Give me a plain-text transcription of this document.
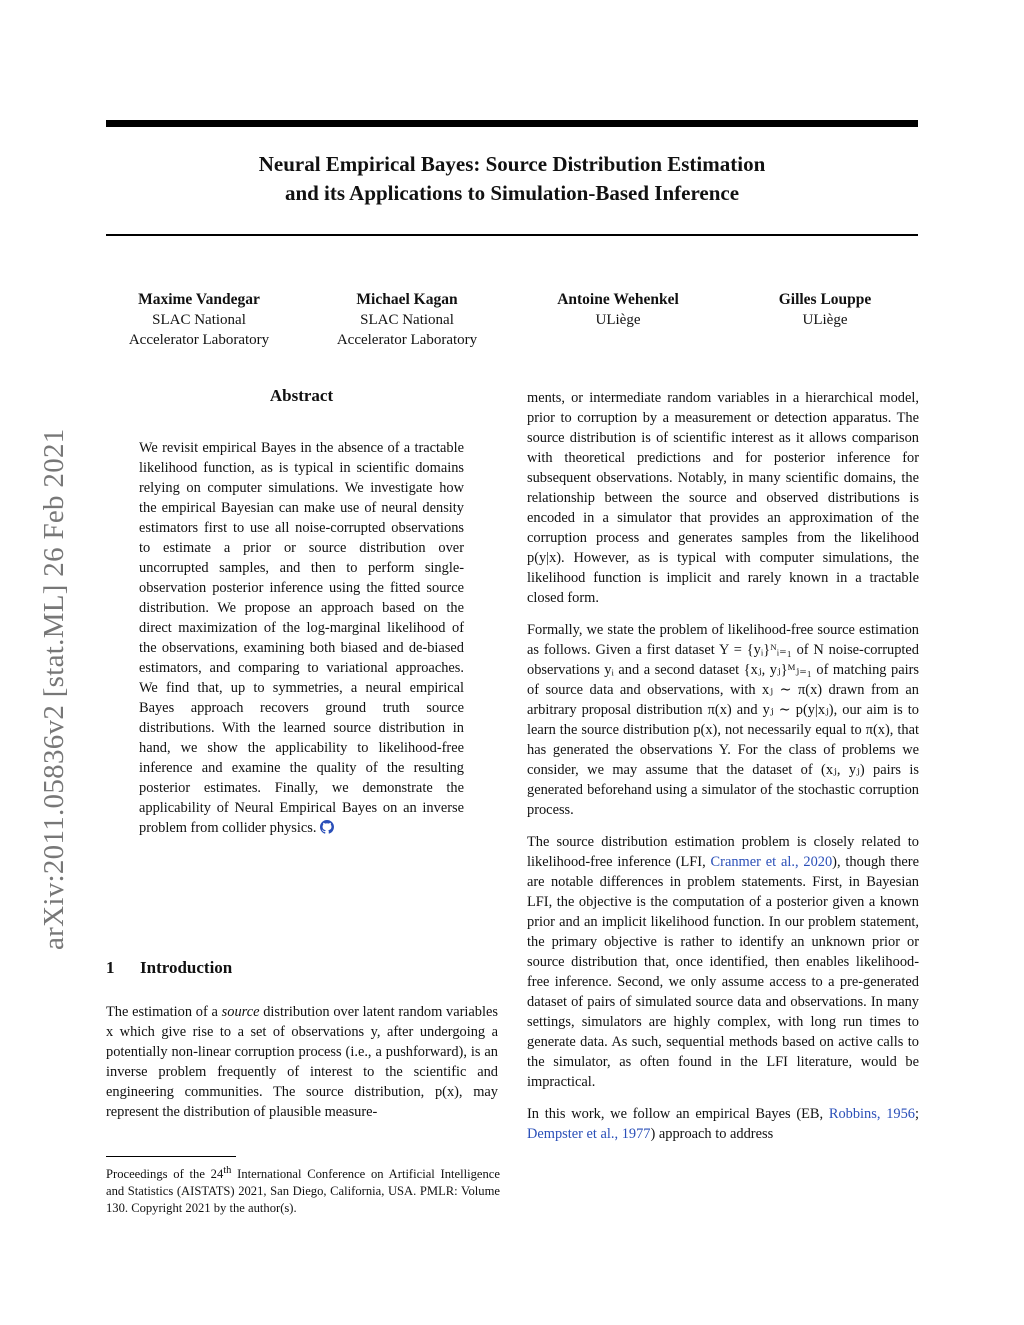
Neural Empirical Bayes: Source Distribution Estimation
and its Applications to Simulation-Based Inference
Maxime Vandegar
SLAC National
Accelerator Laboratory
Michael Kagan
SLAC National
Accelerator Laboratory
Antoine Wehenkel
ULiège
Gilles Louppe
ULiège
arXiv:2011.05836v2 [stat.ML] 26 Feb 2021
Abstract
We revisit empirical Bayes in the absence of a tractable likelihood function, as is typical in scientific domains relying on computer simulations. We investigate how the empirical Bayesian can make use of neural density estimators first to use all noise-corrupted observations to estimate a prior or source distribution over uncorrupted samples, and then to perform single-observation posterior inference using the fitted source distribution. We propose an approach based on the direct maximization of the log-marginal likelihood of the observations, examining both biased and de-biased estimators, and comparing to variational approaches. We find that, up to symmetries, a neural empirical Bayes approach recovers ground truth source distributions. With the learned source distribution in hand, we show the applicability to likelihood-free inference and examine the quality of the resulting posterior estimates. Finally, we demonstrate the applicability of Neural Empirical Bayes on an inverse problem from collider physics.
1 Introduction
The estimation of a source distribution over latent random variables x which give rise to a set of observations y, after undergoing a potentially non-linear corruption process (i.e., a pushforward), is an inverse problem frequently of interest to the scientific and engineering communities. The source distribution, p(x), may represent the distribution of plausible measure-
Proceedings of the 24th International Conference on Artificial Intelligence and Statistics (AISTATS) 2021, San Diego, California, USA. PMLR: Volume 130. Copyright 2021 by the author(s).

ments, or intermediate random variables in a hierarchical model, prior to corruption by a measurement or detection apparatus. The source distribution is of scientific interest as it allows comparison with theoretical predictions and for posterior inference for subsequent observations. Notably, in many scientific domains, the relationship between the source and observed distributions is encoded in a simulator that provides an approximation of the corruption process and generates samples from the likelihood p(y|x). However, as is typical with computer simulations, the likelihood function is implicit and rarely known in a tractable closed form.

Formally, we state the problem of likelihood-free source estimation as follows. Given a first dataset Y = {yᵢ}ᴺᵢ₌₁ of N noise-corrupted observations yᵢ and a second dataset {xⱼ, yⱼ}ᴹⱼ₌₁ of matching pairs of source data and observations, with xⱼ ∼ π(x) drawn from an arbitrary proposal distribution π(x) and yⱼ ∼ p(y|xⱼ), our aim is to learn the source distribution p(x), not necessarily equal to π(x), that has generated the observations Y. For the class of problems we consider, we may assume that the dataset of (xⱼ, yⱼ) pairs is generated beforehand using a simulator of the stochastic corruption process.

The source distribution estimation problem is closely related to likelihood-free inference (LFI, Cranmer et al., 2020), though there are notable differences in problem statements. First, in Bayesian LFI, the objective is the computation of a posterior given a known prior and an implicit likelihood function. In our problem statement, the primary objective is rather to identify an unknown prior or source distribution that, once identified, then enables likelihood-free inference. Second, we only assume access to a pre-generated dataset of pairs of simulated source data and observations. In many settings, simulators are highly complex, with long run times to generate data. As such, sequential methods based on active calls to the simulator, as often found in the LFI literature, would be impractical.

In this work, we follow an empirical Bayes (EB, Robbins, 1956; Dempster et al., 1977) approach to address
